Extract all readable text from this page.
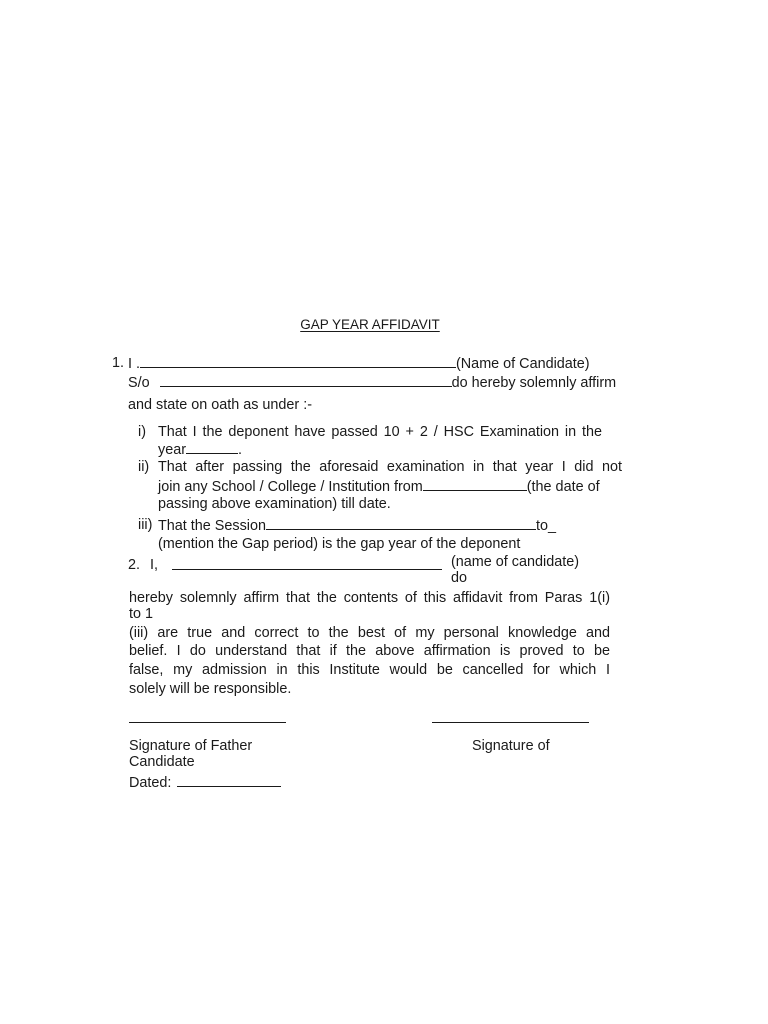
GAP YEAR AFFIDAVIT
1. I .	(Name of Candidate)
S/o	do hereby solemnly affirm
and state on oath as under :-
i) That I the deponent have passed 10 + 2 / HSC Examination in the
year	.
ii) That after passing the aforesaid examination in that year I did not
join any School / College / Institution from	(the date of
passing above examination) till date.
iii) That the Session	to_
(mention the Gap period) is the gap year of the deponent
2. I,	(name of candidate)
do
hereby solemnly affirm that the contents of this affidavit from Paras 1(i)
to 1
(iii) are true and correct to the best of my personal knowledge and
belief. I do understand that if the above affirmation is proved to be
false, my admission in this Institute would be cancelled for which I
solely will be responsible.
Signature of Father	Signature of
Candidate
Dated:
